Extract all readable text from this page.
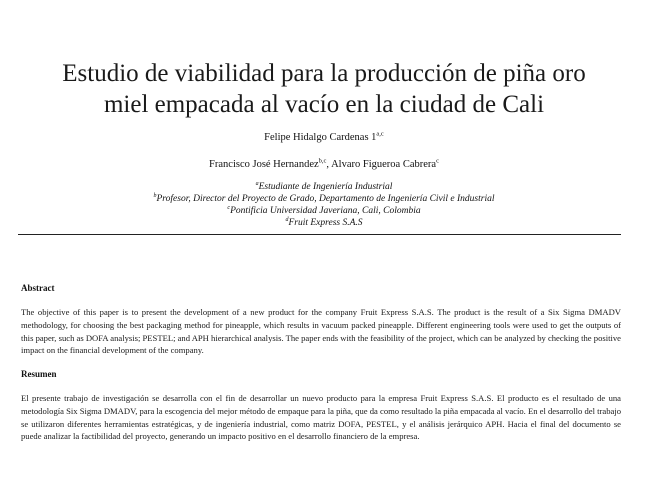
Estudio de viabilidad para la producción de piña oro
miel empacada al vacío en la ciudad de Cali
Felipe Hidalgo Cardenas 1$^{a,c}$
Francisco José Hernandez$^{b,c}$, Alvaro Figueroa Cabrera$^c$
$^a$Estudiante de Ingeniería Industrial
$^b$Profesor, Director del Proyecto de Grado, Departamento de Ingeniería Civil e Industrial
$^c$Pontificia Universidad Javeriana, Cali, Colombia
$^d$Fruit Express S.A.S
Abstract
The objective of this paper is to present the development of a new product for the company Fruit Express S.A.S. The product is the result of a Six Sigma DMADV methodology, for choosing the best packaging method for pineapple, which results in vacuum packed pineapple. Different engineering tools were used to get the outputs of this paper, such as DOFA analysis; PESTEL; and APH hierarchical analysis. The paper ends with the feasibility of the project, which can be analyzed by checking the positive impact on the financial development of the company.
Resumen
El presente trabajo de investigación se desarrolla con el fin de desarrollar un nuevo producto para la empresa Fruit Express S.A.S. El producto es el resultado de una metodología Six Sigma DMADV, para la escogencia del mejor método de empaque para la piña, que da como resultado la piña empacada al vacío. En el desarrollo del trabajo se utilizaron diferentes herramientas estratégicas, y de ingeniería industrial, como matriz DOFA, PESTEL, y el análisis jerárquico APH. Hacia el final del documento se puede analizar la factibilidad del proyecto, generando un impacto positivo en el desarrollo financiero de la empresa.
